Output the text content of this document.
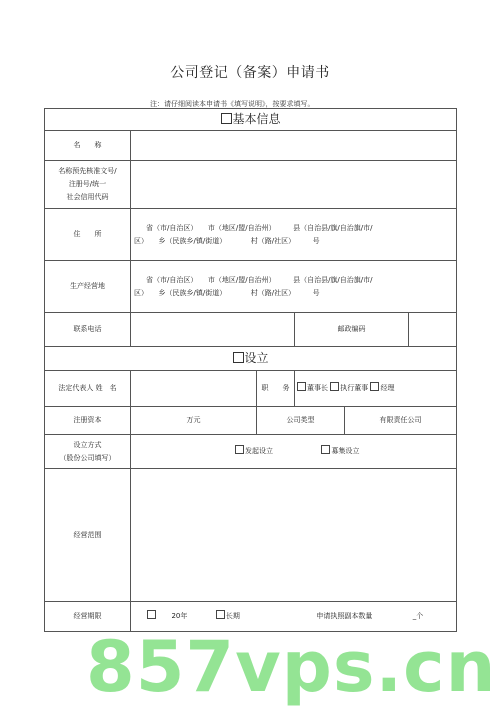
公司登记（备案）申请书
注：请仔细阅读本申请书《填写说明》，按要求填写。
基本信息					
名　　称					

名称预先核准文号/
注册号/统一
社会信用代码					

住　　所	省（市/自治区）　　市（地区/盟/自治州）　　　县（自治县/旗/自治旗/市/
区）　　乡（民族乡/镇/街道）　　　　村（路/社区）　　　号				

生产经营地	省（市/自治区）　　市（地区/盟/自治州）　　　县（自治县/旗/自治旗/市/
区）　　乡（民族乡/镇/街道）　　　　村（路/社区）　　　号				

联系电话			邮政编码		
设立					
法定代表人 姓　名		职　　务	董事长 执行董事 经理		
注册资本	万元	公司类型		有限责任公司	

设立方式
（股份公司填写）	发起设立 募集设立				
经营范围					
经营期限	20年 长期 申请执照副本数量 _个				
857vps.cn
